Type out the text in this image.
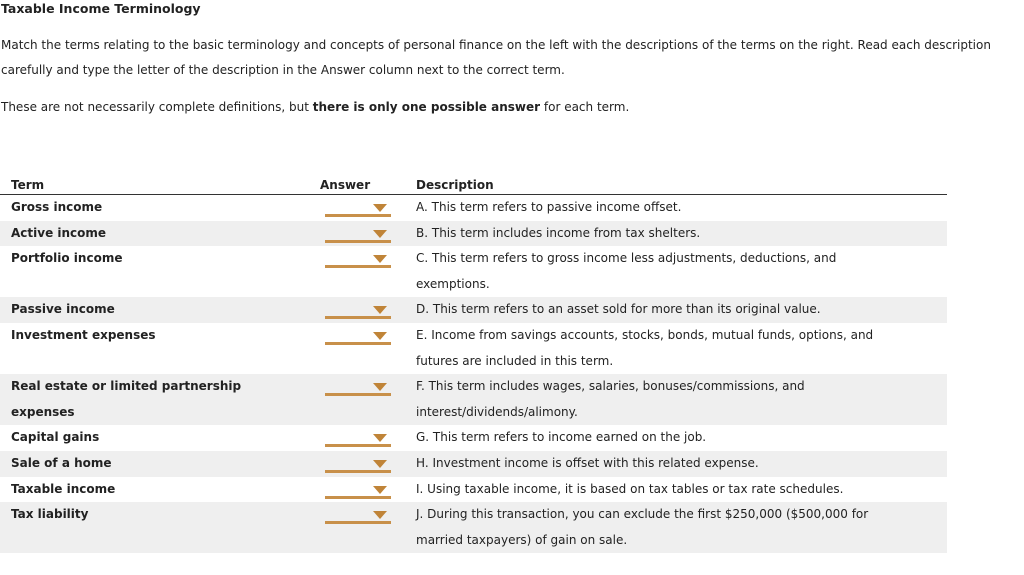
Taxable Income Terminology

Match the terms relating to the basic terminology and concepts of personal finance on the left with the descriptions of the terms on the right. Read each description carefully and type the letter of the description in the Answer column next to the correct term.

These are not necessarily complete definitions, but there is only one possible answer for each term.

Term	Answer	Description
Gross income		A. This term refers to passive income offset.
Active income		B. This term includes income from tax shelters.
Portfolio income		C. This term refers to gross income less adjustments, deductions, and exemptions.
Passive income		D. This term refers to an asset sold for more than its original value.
Investment expenses		E. Income from savings accounts, stocks, bonds, mutual funds, options, and futures are included in this term.
Real estate or limited partnership expenses		F. This term includes wages, salaries, bonuses/commissions, and interest/dividends/alimony.
Capital gains		G. This term refers to income earned on the job.
Sale of a home		H. Investment income is offset with this related expense.
Taxable income		I. Using taxable income, it is based on tax tables or tax rate schedules.
Tax liability		J. During this transaction, you can exclude the first $250,000 ($500,000 for married taxpayers) of gain on sale.
